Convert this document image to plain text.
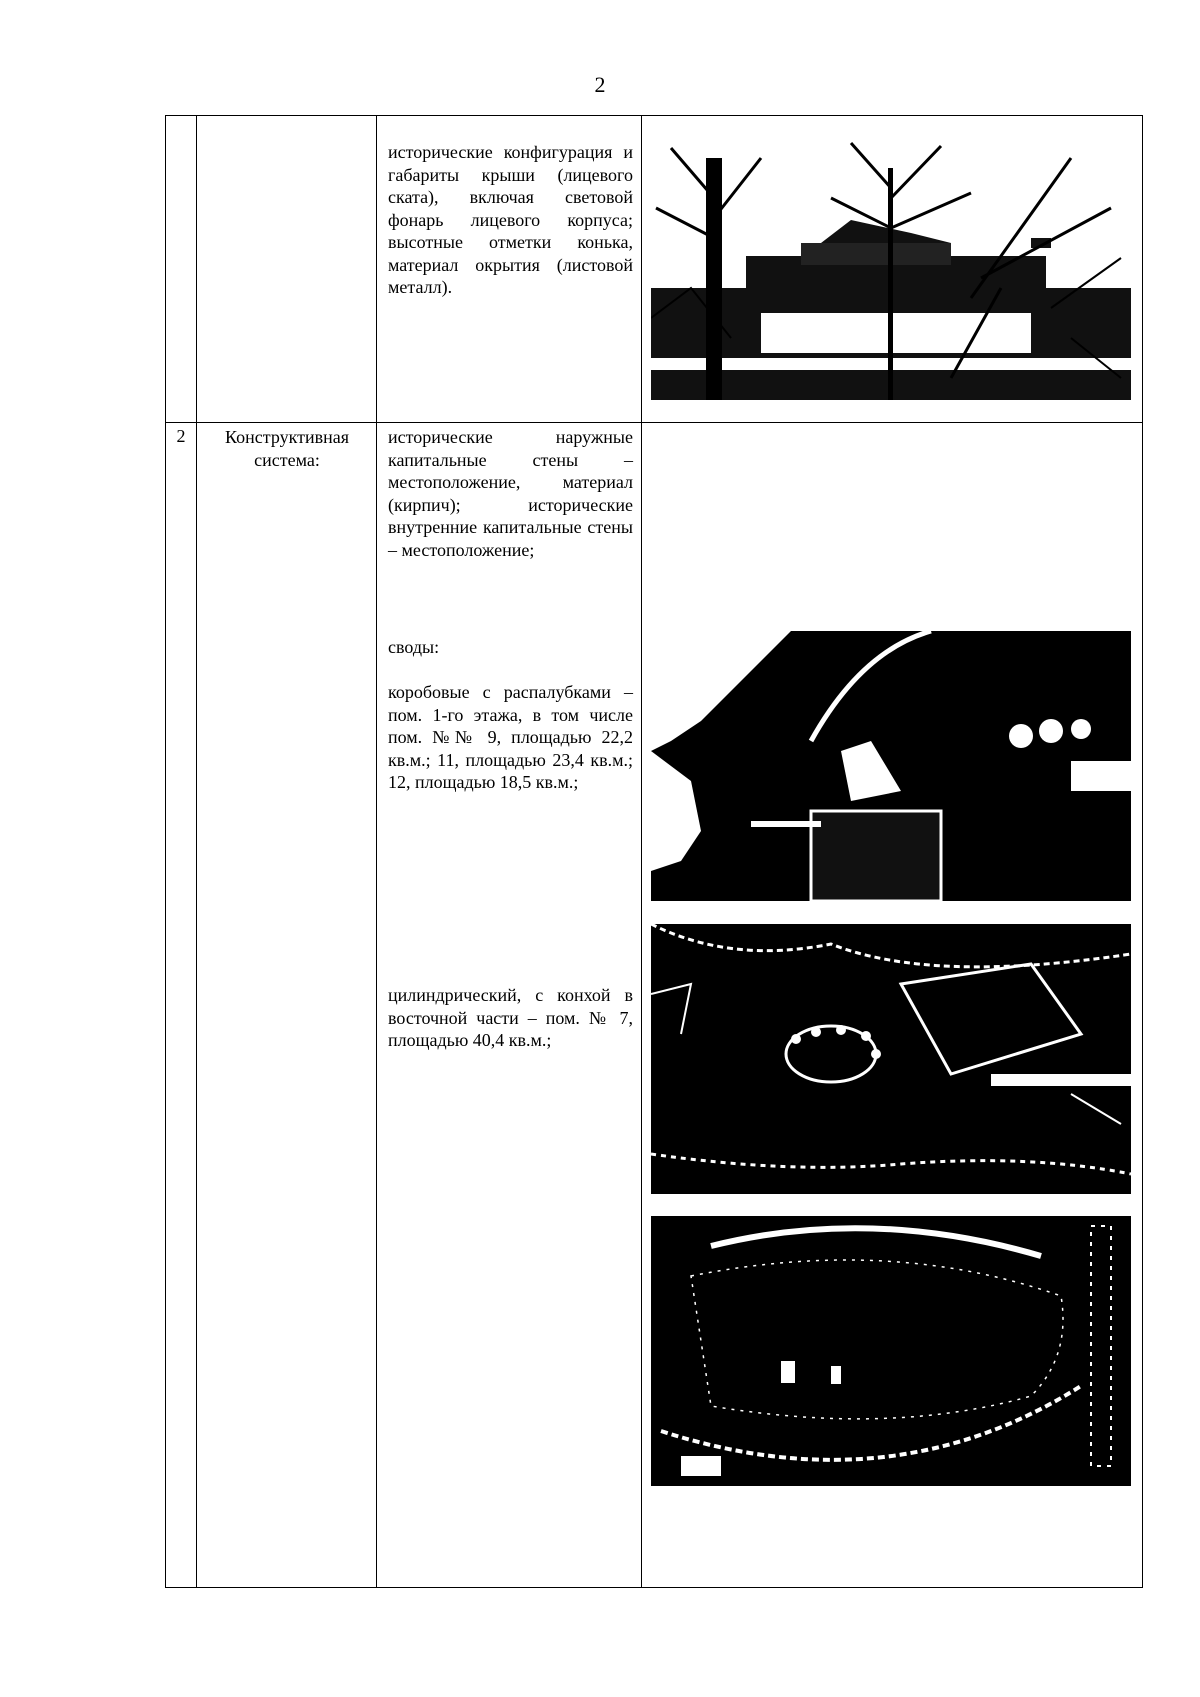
2
исторические конфигурация и габариты крыши (лицевого ската), включая световой фонарь лицевого корпуса; высотные отметки конька, материал окрытия (листовой металл).
2	Конструктивная система:
исторические наружные капитальные стены – местоположение, материал (кирпич); исторические внутренние капитальные стены – местоположение;
своды:
коробовые с распалубками – пом. 1-го этажа, в том числе пом. №№ 9, площадью 22,2 кв.м.; 11, площадью 23,4 кв.м.; 12, площадью 18,5 кв.м.;
цилиндрический, с конхой в восточной части – пом. № 7, площадью 40,4 кв.м.;
